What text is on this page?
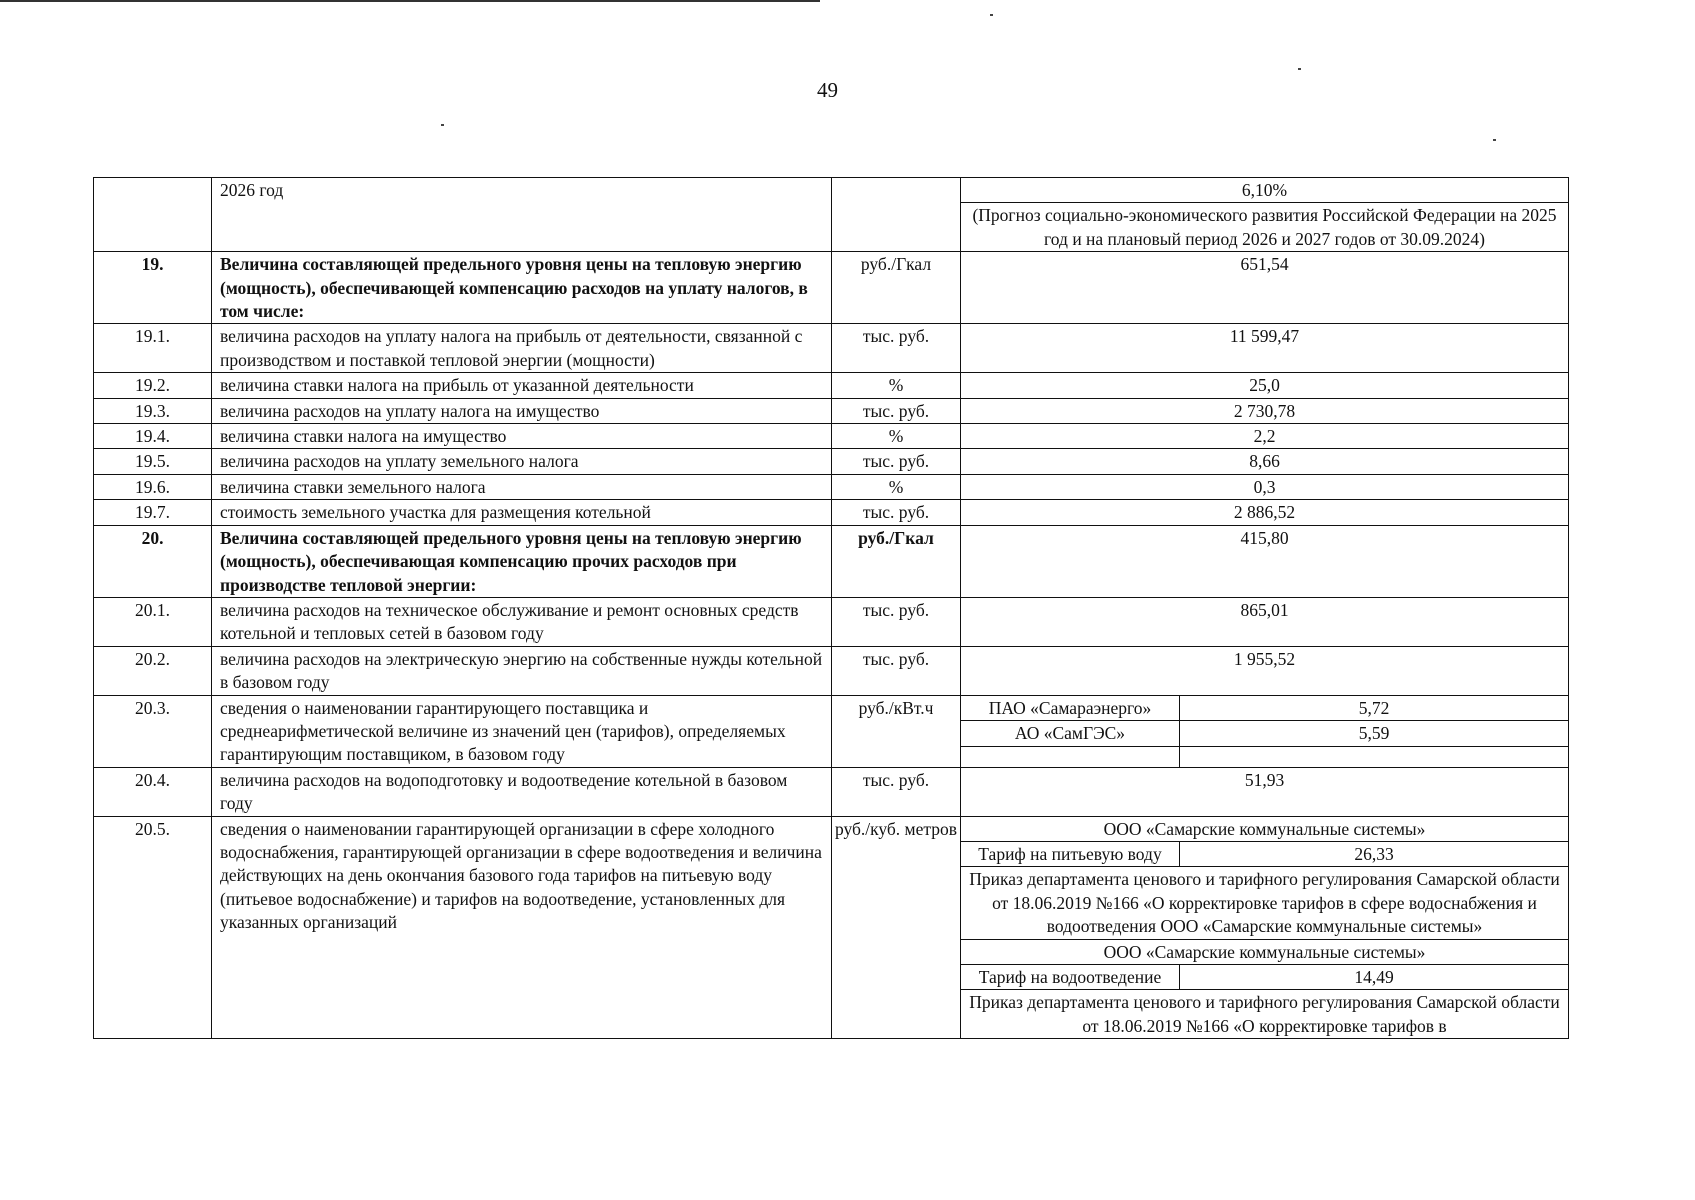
49
	2026 год		6,10%	
			(Прогноз социально-экономического развития Российской Федерации на 2025 год и на плановый период 2026 и 2027 годов от 30.09.2024)	
19.	Величина составляющей предельного уровня цены на тепловую энергию (мощность), обеспечивающей компенсацию расходов на уплату налогов, в том числе:	руб./Гкал	651,54	
19.1.	величина расходов на уплату налога на прибыль от деятельности, связанной с производством и поставкой тепловой энергии (мощности)	тыс. руб.	11 599,47	
19.2.	величина ставки налога на прибыль от указанной деятельности	%	25,0	
19.3.	величина расходов на уплату налога на имущество	тыс. руб.	2 730,78	
19.4.	величина ставки налога на имущество	%	2,2	
19.5.	величина расходов на уплату земельного налога	тыс. руб.	8,66	
19.6.	величина ставки земельного налога	%	0,3	
19.7.	стоимость земельного участка для размещения котельной	тыс. руб.	2 886,52	
20.	Величина составляющей предельного уровня цены на тепловую энергию (мощность), обеспечивающая компенсацию прочих расходов при производстве тепловой энергии:	руб./Гкал	415,80	
20.1.	величина расходов на техническое обслуживание и ремонт основных средств котельной и тепловых сетей в базовом году	тыс. руб.	865,01	
20.2.	величина расходов на электрическую энергию на собственные нужды котельной в базовом году	тыс. руб.	1 955,52	
20.3.	сведения о наименовании гарантирующего поставщика и среднеарифметической величине из значений цен (тарифов), определяемых гарантирующим поставщиком, в базовом году	руб./кВт.ч	ПАО «Самараэнерго»	5,72
			АО «СамГЭС»	5,59

20.4.	величина расходов на водоподготовку и водоотведение котельной в базовом году	тыс. руб.	51,93	
20.5.	сведения о наименовании гарантирующей организации в сфере холодного водоснабжения, гарантирующей организации в сфере водоотведения и величина действующих на день окончания базового года тарифов на питьевую воду (питьевое водоснабжение) и тарифов на водоотведение, установленных для указанных организаций	руб./куб. метров	ООО «Самарские коммунальные системы»	
			Тариф на питьевую воду	26,33
			Приказ департамента ценового и тарифного регулирования Самарской области от 18.06.2019 №166 «О корректировке тарифов в сфере водоснабжения и водоотведения ООО «Самарские коммунальные системы»	
			ООО «Самарские коммунальные системы»	
			Тариф на водоотведение	14,49
			Приказ департамента ценового и тарифного регулирования Самарской области от 18.06.2019 №166 «О корректировке тарифов в	
